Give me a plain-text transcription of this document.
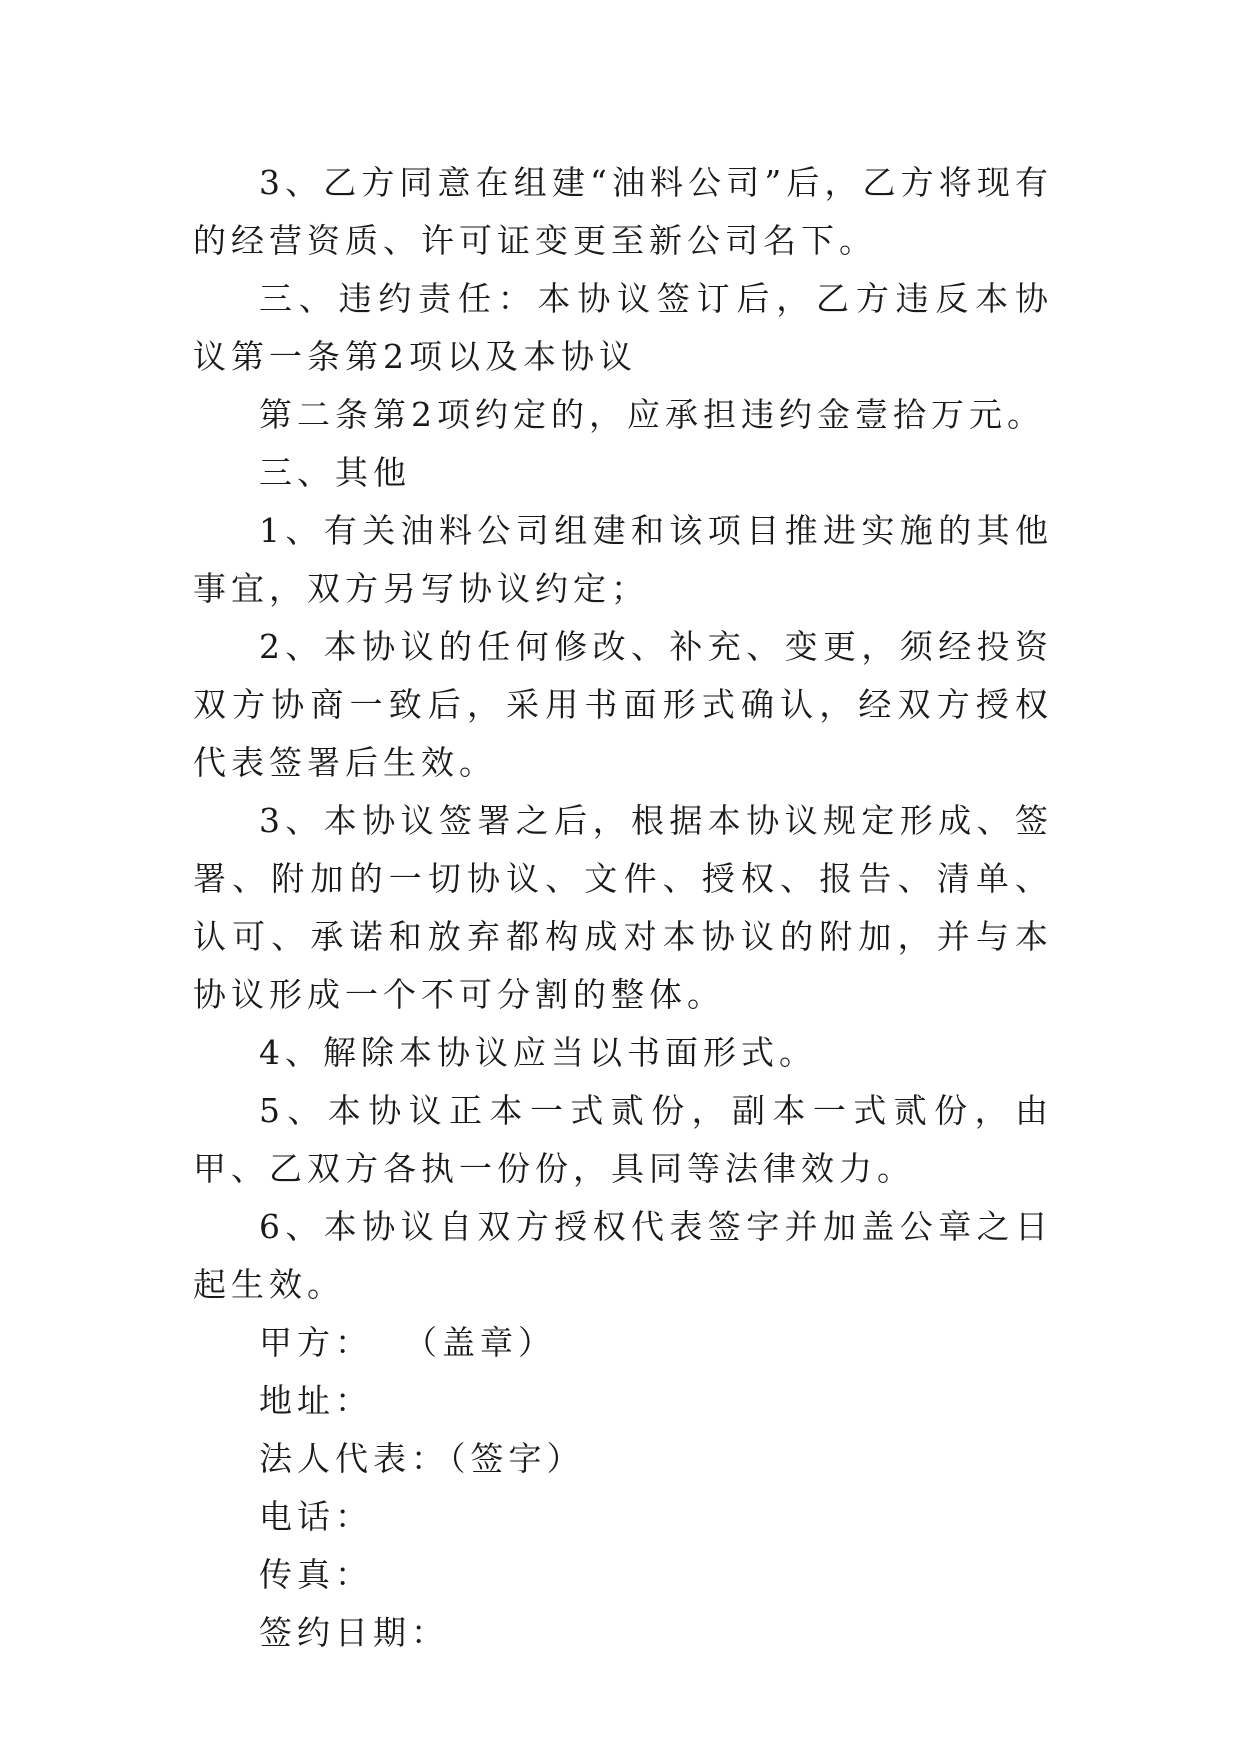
3、乙方同意在组建“油料公司”后，乙方将现有的经营资质、许可证变更至新公司名下。

三、违约责任：本协议签订后，乙方违反本协议第一条第2项以及本协议

第二条第2项约定的，应承担违约金壹拾万元。

三、其他

1、有关油料公司组建和该项目推进实施的其他事宜，双方另写协议约定；

2、本协议的任何修改、补充、变更，须经投资双方协商一致后，采用书面形式确认，经双方授权代表签署后生效。

3、本协议签署之后，根据本协议规定形成、签署、附加的一切协议、文件、授权、报告、清单、认可、承诺和放弃都构成对本协议的附加，并与本协议形成一个不可分割的整体。

4、解除本协议应当以书面形式。

5、本协议正本一式贰份，副本一式贰份，由甲、乙双方各执一份份，具同等法律效力。

6、本协议自双方授权代表签字并加盖公章之日起生效。

甲方：  （盖章）

地址：

法人代表：（签字）

电话：

传真：

签约日期：
